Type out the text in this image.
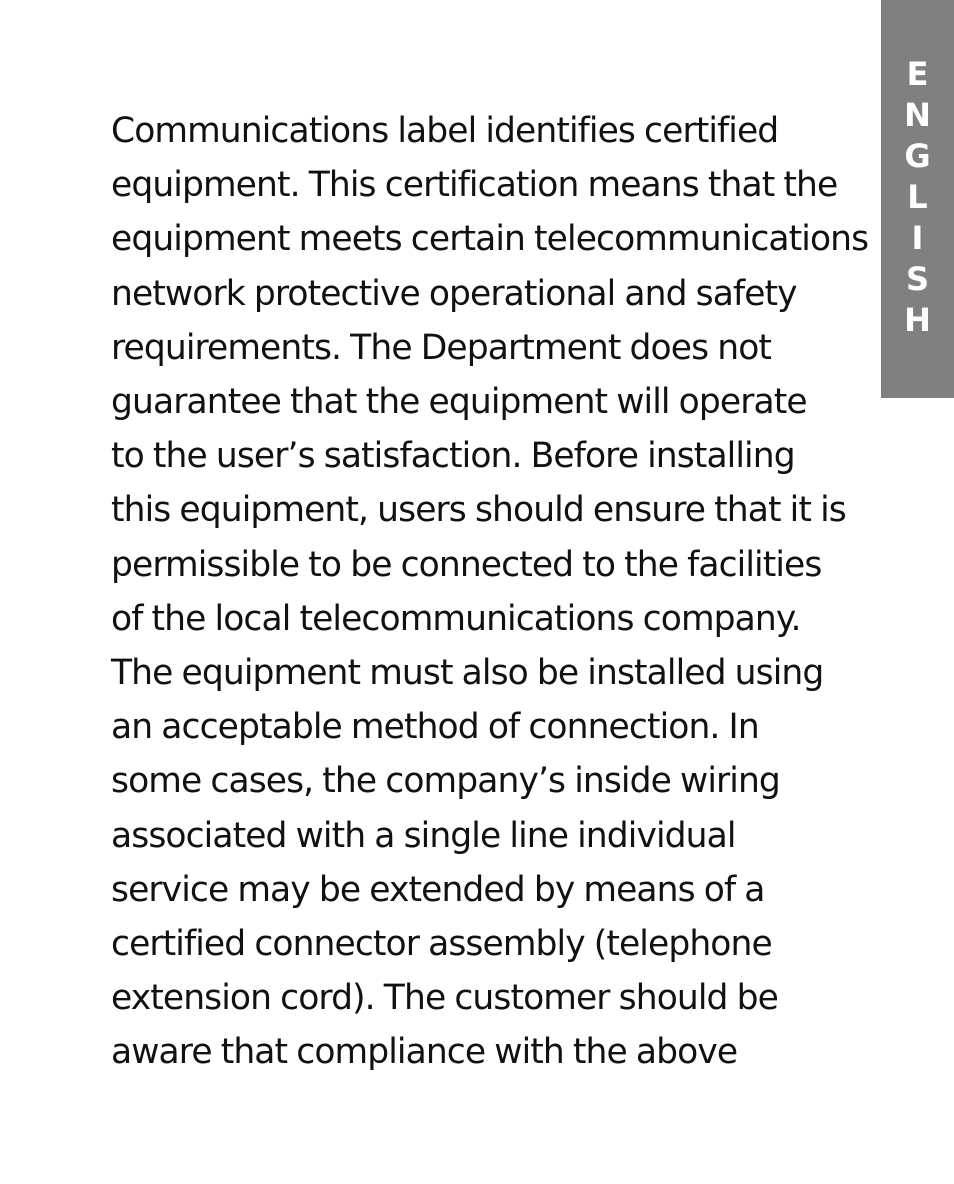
E
N
G
L
I
S
H
Communications label identifies certified
equipment. This certification means that the
equipment meets certain telecommunications
network protective operational and safety
requirements. The Department does not
guarantee that the equipment will operate
to the user’s satisfaction. Before installing
this equipment, users should ensure that it is
permissible to be connected to the facilities
of the local telecommunications company.
The equipment must also be installed using
an acceptable method of connection. In
some cases, the company’s inside wiring
associated with a single line individual
service may be extended by means of a
certified connector assembly (telephone
extension cord). The customer should be
aware that compliance with the above
